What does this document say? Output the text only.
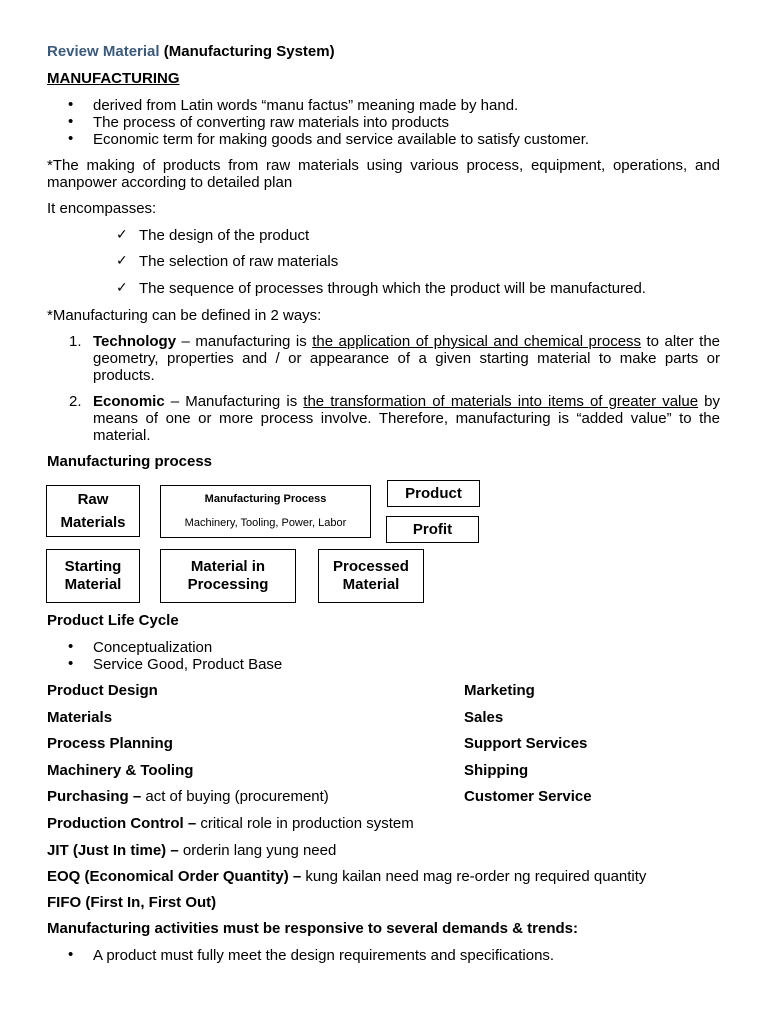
Review Material (Manufacturing System)
MANUFACTURING
• derived from Latin words “manu factus” meaning made by hand.
• The process of converting raw materials into products
• Economic term for making goods and service available to satisfy customer.
*The making of products from raw materials using various process, equipment, operations, and manpower according to detailed plan
It encompasses:
✓ The design of the product
✓ The selection of raw materials
✓ The sequence of processes through which the product will be manufactured.
*Manufacturing can be defined in 2 ways:
1. Technology – manufacturing is the application of physical and chemical process to alter the geometry, properties and / or appearance of a given starting material to make parts or products.
2. Economic – Manufacturing is the transformation of materials into items of greater value by means of one or more process involve. Therefore, manufacturing is “added value” to the material.
Manufacturing process
Raw
Materials
Manufacturing Process
Machinery, Tooling, Power, Labor
Product
Profit
Starting
Material
Material in
Processing
Processed
Material
Product Life Cycle
• Conceptualization
• Service Good, Product Base
Product Design
Materials
Process Planning
Machinery & Tooling
Purchasing – act of buying (procurement)
Production Control – critical role in production system
JIT (Just In time) – orderin lang yung need
EOQ (Economical Order Quantity) – kung kailan need mag re-order ng required quantity
FIFO (First In, First Out)
Manufacturing activities must be responsive to several demands & trends:
Marketing
Sales
Support Services
Shipping
Customer Service
• A product must fully meet the design requirements and specifications.
